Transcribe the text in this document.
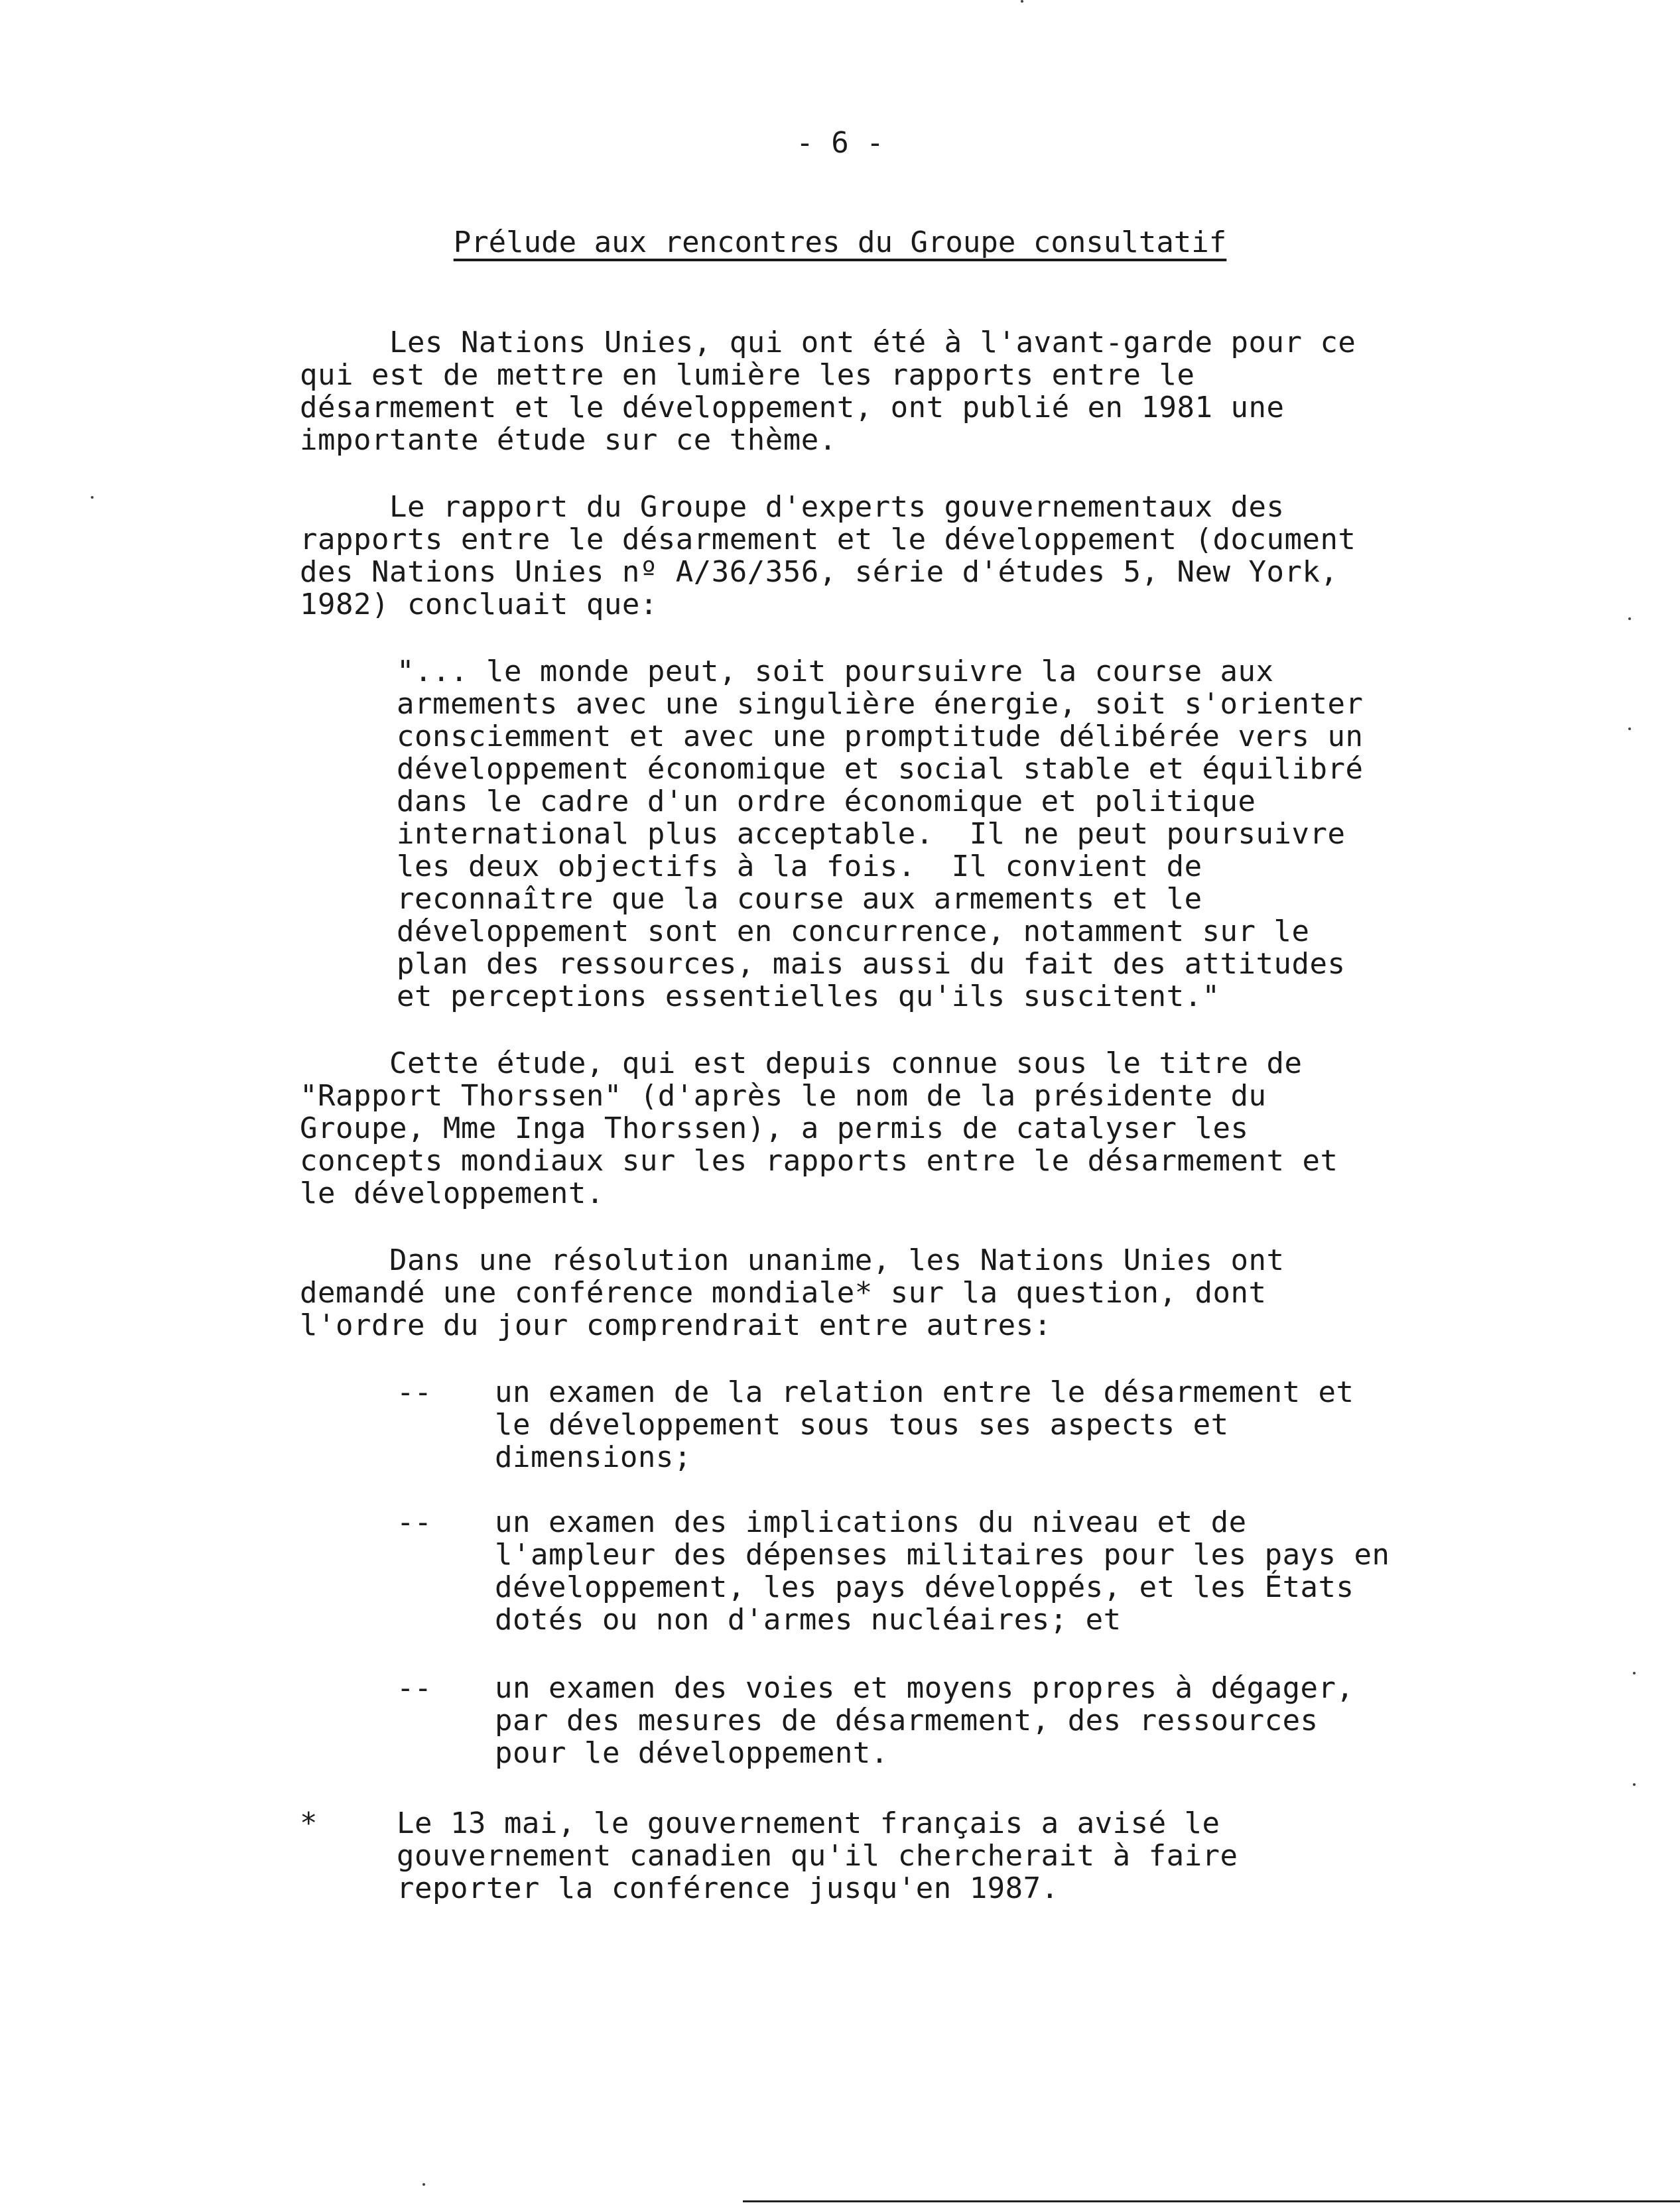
- 6 -
Prélude aux rencontres du Groupe consultatif
Les Nations Unies, qui ont été à l'avant-garde pour ce
qui est de mettre en lumière les rapports entre le
désarmement et le développement, ont publié en 1981 une
importante étude sur ce thème.
Le rapport du Groupe d'experts gouvernementaux des
rapports entre le désarmement et le développement (document
des Nations Unies nº A/36/356, série d'études 5, New York,
1982) concluait que:
"... le monde peut, soit poursuivre la course aux
armements avec une singulière énergie, soit s'orienter
consciemment et avec une promptitude délibérée vers un
développement économique et social stable et équilibré
dans le cadre d'un ordre économique et politique
international plus acceptable.  Il ne peut poursuivre
les deux objectifs à la fois.  Il convient de
reconnaître que la course aux armements et le
développement sont en concurrence, notamment sur le
plan des ressources, mais aussi du fait des attitudes
et perceptions essentielles qu'ils suscitent."
Cette étude, qui est depuis connue sous le titre de
"Rapport Thorssen" (d'après le nom de la présidente du
Groupe, Mme Inga Thorssen), a permis de catalyser les
concepts mondiaux sur les rapports entre le désarmement et
le développement.
Dans une résolution unanime, les Nations Unies ont
demandé une conférence mondiale* sur la question, dont
l'ordre du jour comprendrait entre autres:
-- un examen de la relation entre le désarmement et
le développement sous tous ses aspects et
dimensions;
-- un examen des implications du niveau et de
l'ampleur des dépenses militaires pour les pays en
développement, les pays développés, et les États
dotés ou non d'armes nucléaires; et
-- un examen des voies et moyens propres à dégager,
par des mesures de désarmement, des ressources
pour le développement.
*	Le 13 mai, le gouvernement français a avisé le
gouvernement canadien qu'il chercherait à faire
reporter la conférence jusqu'en 1987.
